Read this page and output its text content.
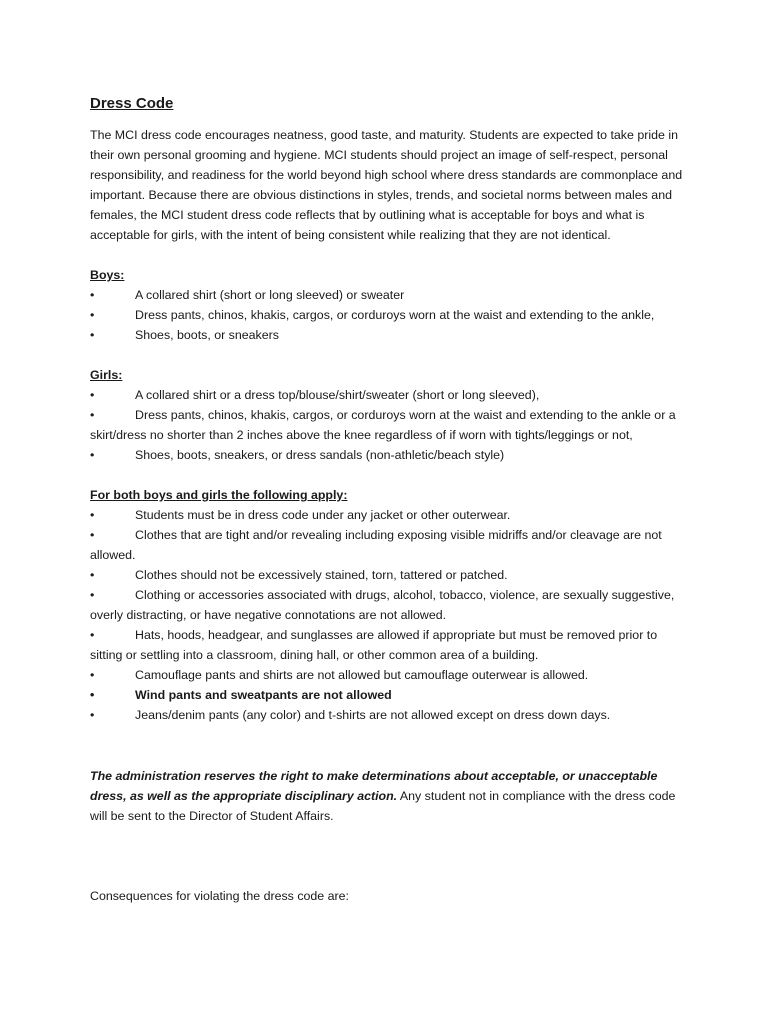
Dress Code

The MCI dress code encourages neatness, good taste, and maturity. Students are expected to take pride in their own personal grooming and hygiene. MCI students should project an image of self-respect, personal responsibility, and readiness for the world beyond high school where dress standards are commonplace and important. Because there are obvious distinctions in styles, trends, and societal norms between males and females, the MCI student dress code reflects that by outlining what is acceptable for boys and what is acceptable for girls, with the intent of being consistent while realizing that they are not identical.

Boys:

•	A collared shirt (short or long sleeved) or sweater
•	Dress pants, chinos, khakis, cargos, or corduroys worn at the waist and extending to the ankle,
•	Shoes, boots, or sneakers

Girls:

•	A collared shirt or a dress top/blouse/shirt/sweater (short or long sleeved),
•	Dress pants, chinos, khakis, cargos, or corduroys worn at the waist and extending to the ankle or a skirt/dress no shorter than 2 inches above the knee regardless of if worn with tights/leggings or not,
•	Shoes, boots, sneakers, or dress sandals (non-athletic/beach style)

For both boys and girls the following apply:

•	Students must be in dress code under any jacket or other outerwear.
•	Clothes that are tight and/or revealing including exposing visible midriffs and/or cleavage are not allowed.
•	Clothes should not be excessively stained, torn, tattered or patched.
•	Clothing or accessories associated with drugs, alcohol, tobacco, violence, are sexually suggestive, overly distracting, or have negative connotations are not allowed.
•	Hats, hoods, headgear, and sunglasses are allowed if appropriate but must be removed prior to sitting or settling into a classroom, dining hall, or other common area of a building.
•	Camouflage pants and shirts are not allowed but camouflage outerwear is allowed.
•	Wind pants and sweatpants are not allowed
•	Jeans/denim pants (any color) and t-shirts are not allowed except on dress down days.

The administration reserves the right to make determinations about acceptable, or unacceptable dress, as well as the appropriate disciplinary action. Any student not in compliance with the dress code will be sent to the Director of Student Affairs.

Consequences for violating the dress code are:
